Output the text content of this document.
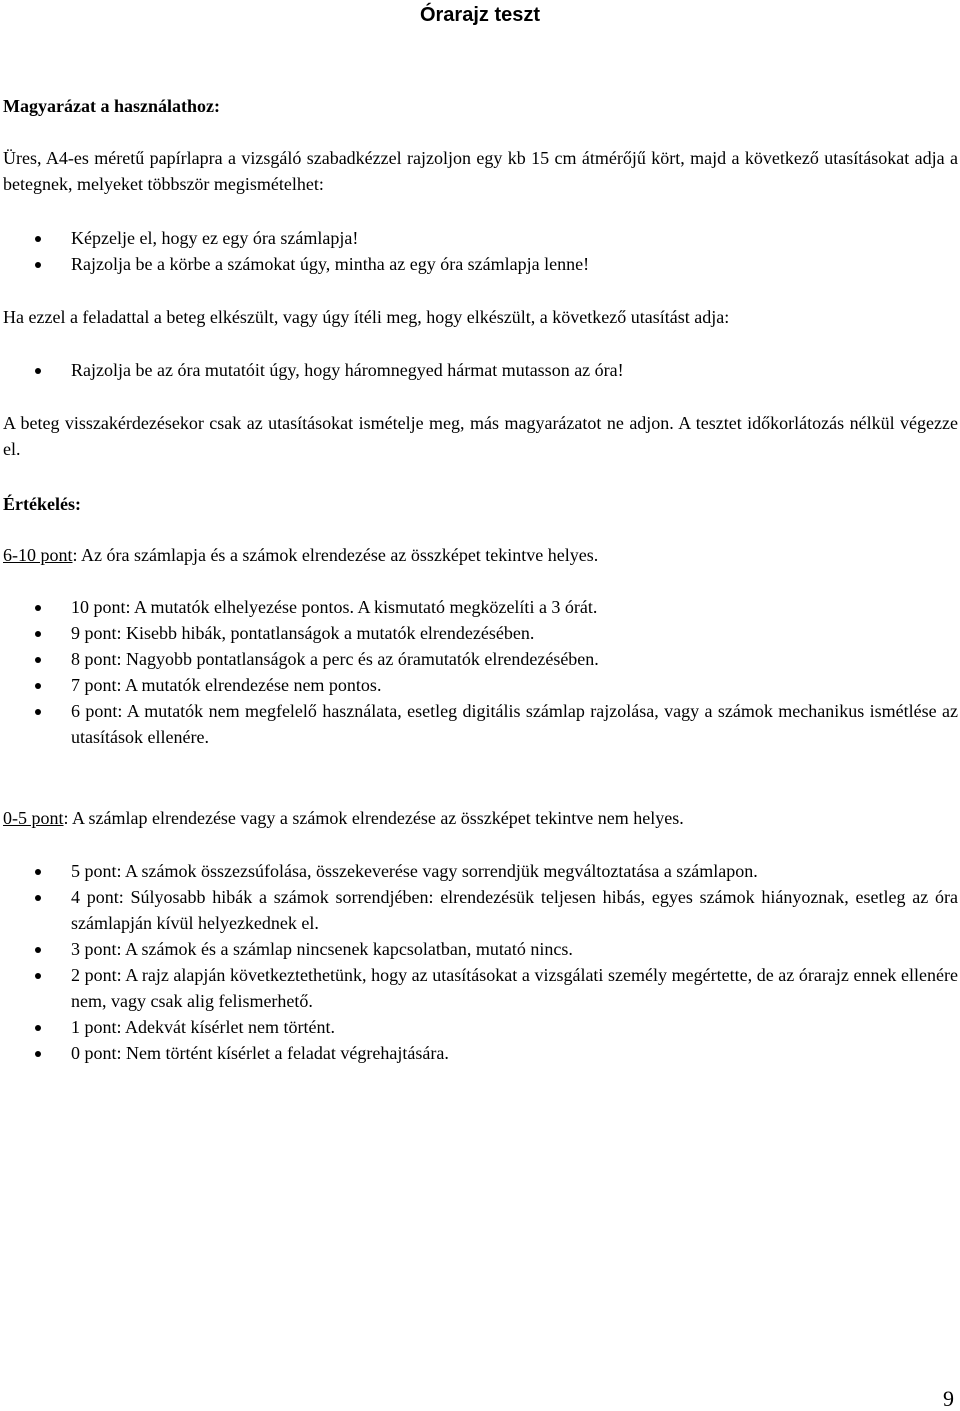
Órarajz teszt
Magyarázat a használathoz:
Üres, A4-es méretű papírlapra a vizsgáló szabadkézzel rajzoljon egy kb 15 cm átmérőjű kört, majd a következő utasításokat adja a betegnek, melyeket többször megismételhet:
Képzelje el, hogy ez egy óra számlapja!
Rajzolja be a körbe a számokat úgy, mintha az egy óra számlapja lenne!
Ha ezzel a feladattal a beteg elkészült, vagy úgy ítéli meg, hogy elkészült, a következő utasítást adja:
Rajzolja be az óra mutatóit úgy, hogy háromnegyed hármat mutasson az óra!
A beteg visszakérdezésekor csak az utasításokat ismételje meg, más magyarázatot ne adjon. A tesztet időkorlátozás nélkül végezze el.
Értékelés:
6-10 pont: Az óra számlapja és a számok elrendezése az összképet tekintve helyes.
10 pont: A mutatók elhelyezése pontos. A kismutató megközelíti a 3 órát.
9 pont: Kisebb hibák, pontatlanságok a mutatók elrendezésében.
8 pont: Nagyobb pontatlanságok a perc és az óramutatók elrendezésében.
7 pont: A mutatók elrendezése nem pontos.
6 pont: A mutatók nem megfelelő használata, esetleg digitális számlap rajzolása, vagy a számok mechanikus ismétlése az utasítások ellenére.
0-5 pont: A számlap elrendezése vagy a számok elrendezése az összképet tekintve nem helyes.
5 pont: A számok összezsúfolása, összekeverése vagy sorrendjük megváltoztatása a számlapon.
4 pont: Súlyosabb hibák a számok sorrendjében: elrendezésük teljesen hibás, egyes számok hiányoznak, esetleg az óra számlapján kívül helyezkednek el.
3 pont: A számok és a számlap nincsenek kapcsolatban, mutató nincs.
2 pont: A rajz alapján következtethetünk, hogy az utasításokat a vizsgálati személy megértette, de az órarajz ennek ellenére nem, vagy csak alig felismerhető.
1 pont: Adekvát kísérlet nem történt.
0 pont: Nem történt kísérlet a feladat végrehajtására.
9
